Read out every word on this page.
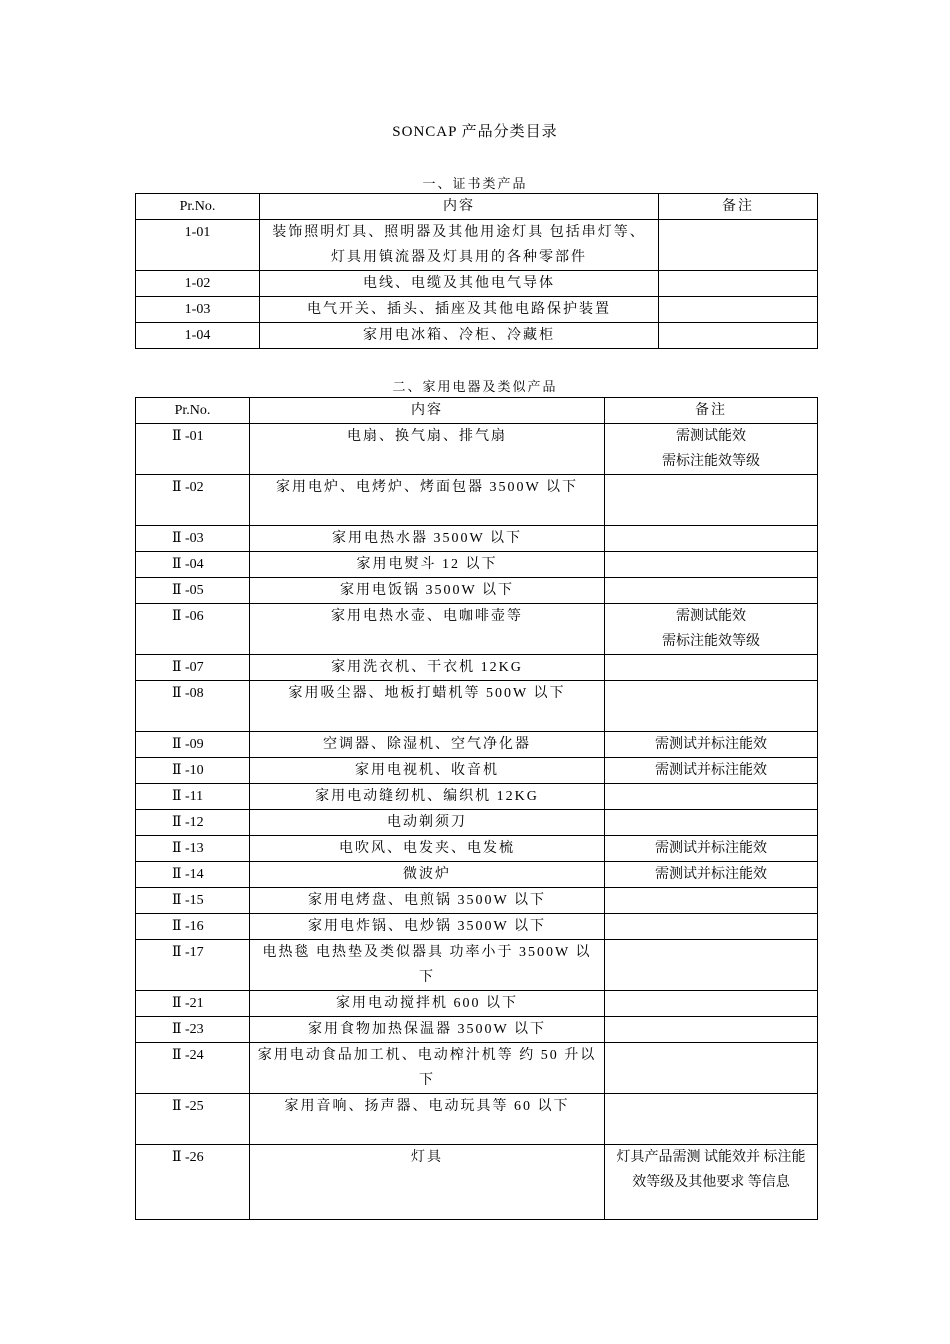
SONCAP 产品分类目录
一、证书类产品
Pr.No.	内容	备注
1-01	装饰照明灯具、照明器及其他用途灯具 包括串灯等、灯具用镇流器及灯具用的各种零部件	
1-02	电线、电缆及其他电气导体	
1-03	电气开关、插头、插座及其他电路保护装置	
1-04	家用电冰箱、冷柜、冷藏柜	
二、家用电器及类似产品
Pr.No.	内容	备注
Ⅱ -01	电扇、换气扇、排气扇	需测试能效
需标注能效等级
Ⅱ -02	家用电炉、电烤炉、烤面包器 3500W 以下	
Ⅱ -03	家用电热水器 3500W 以下	
Ⅱ -04	家用电熨斗 12 以下	
Ⅱ -05	家用电饭锅 3500W 以下	
Ⅱ -06	家用电热水壶、电咖啡壶等	需测试能效
需标注能效等级
Ⅱ -07	家用洗衣机、干衣机 12KG	
Ⅱ -08	家用吸尘器、地板打蜡机等 500W 以下	
Ⅱ -09	空调器、除湿机、空气净化器	需测试并标注能效
Ⅱ -10	家用电视机、收音机	需测试并标注能效
Ⅱ -11	家用电动缝纫机、编织机 12KG	
Ⅱ -12	电动剃须刀	
Ⅱ -13	电吹风、电发夹、电发梳	需测试并标注能效
Ⅱ -14	微波炉	需测试并标注能效
Ⅱ -15	家用电烤盘、电煎锅 3500W 以下	
Ⅱ -16	家用电炸锅、电炒锅 3500W 以下	
Ⅱ -17	电热毯 电热垫及类似器具 功率小于 3500W 以下	
Ⅱ -21	家用电动搅拌机 600 以下	
Ⅱ -23	家用食物加热保温器 3500W 以下	
Ⅱ -24	家用电动食品加工机、电动榨汁机等 约 50 升以下	
Ⅱ -25	家用音响、扬声器、电动玩具等 60 以下	
Ⅱ -26	灯具	灯具产品需测 试能效并 标注能 效等级及其他要求 等信息
